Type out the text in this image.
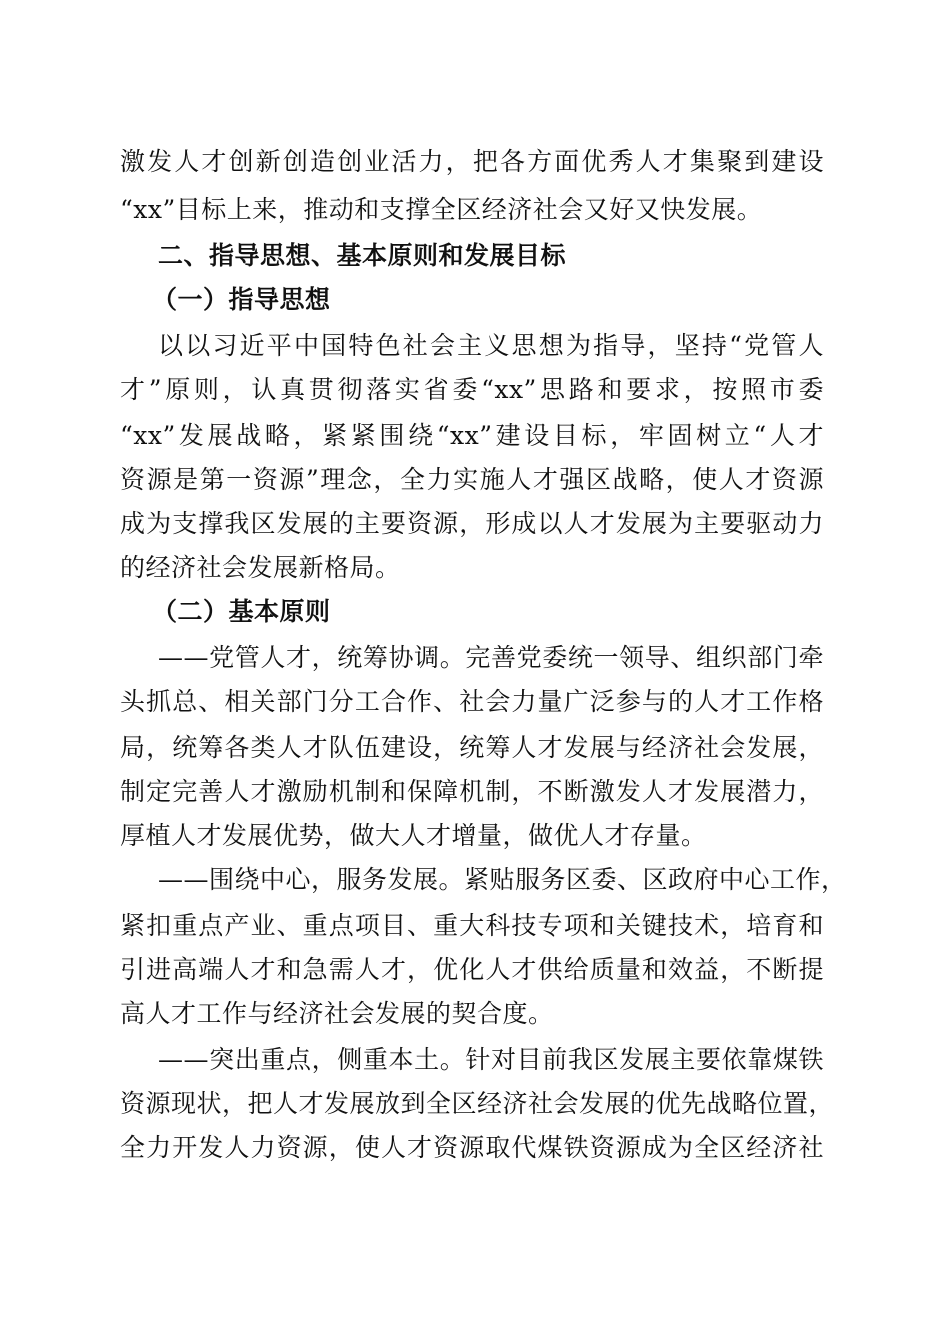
激发人才创新创造创业活力，把各方面优秀人才集聚到建设
“xx”目标上来，推动和支撑全区经济社会又好又快发展。
二、指导思想、基本原则和发展目标
（一）指导思想
以以习近平中国特色社会主义思想为指导，坚持“党管人
才”原则，认真贯彻落实省委“xx”思路和要求，按照市委
“xx”发展战略，紧紧围绕“xx”建设目标，牢固树立“人才
资源是第一资源”理念，全力实施人才强区战略，使人才资源
成为支撑我区发展的主要资源，形成以人才发展为主要驱动力
的经济社会发展新格局。
（二）基本原则
——党管人才，统筹协调。完善党委统一领导、组织部门牵
头抓总、相关部门分工合作、社会力量广泛参与的人才工作格
局，统筹各类人才队伍建设，统筹人才发展与经济社会发展，
制定完善人才激励机制和保障机制，不断激发人才发展潜力，
厚植人才发展优势，做大人才增量，做优人才存量。
——围绕中心，服务发展。紧贴服务区委、区政府中心工作，
紧扣重点产业、重点项目、重大科技专项和关键技术，培育和
引进高端人才和急需人才，优化人才供给质量和效益，不断提
高人才工作与经济社会发展的契合度。
——突出重点，侧重本土。针对目前我区发展主要依靠煤铁
资源现状，把人才发展放到全区经济社会发展的优先战略位置，
全力开发人力资源，使人才资源取代煤铁资源成为全区经济社
